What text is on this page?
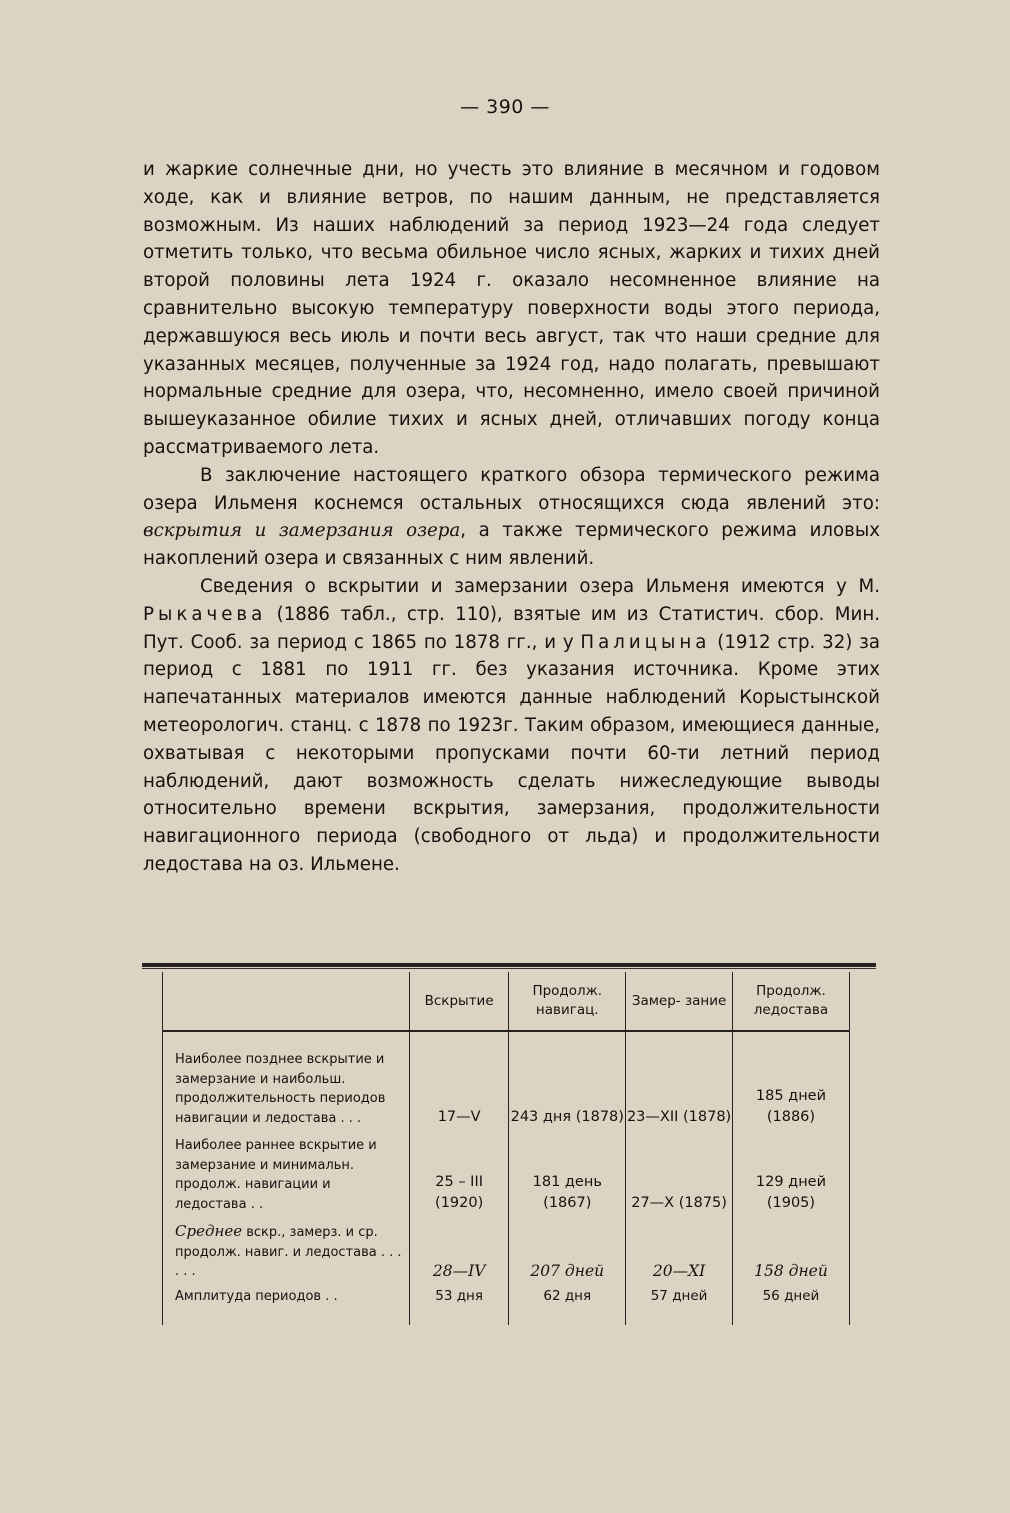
— 390 —

и жаркие солнечные дни, но учесть это влияние в месячном и годовом ходе, как и влияние ветров, по нашим данным, не представляется возможным. Из наших наблюдений за период 1923—24 года следует отметить только, что весьма обильное число ясных, жарких и тихих дней второй половины лета 1924 г. оказало несомненное влияние на сравнительно высокую температуру поверхности воды этого периода, державшуюся весь июль и почти весь август, так что наши средние для указанных месяцев, полученные за 1924 год, надо полагать, превышают нормальные средние для озера, что, несомненно, имело своей причиной вышеуказанное обилие тихих и ясных дней, отличавших погоду конца рассматриваемого лета.

В заключение настоящего краткого обзора термического режима озера Ильменя коснемся остальных относящихся сюда явлений это: вскрытия и замерзания озера, а также термического режима иловых накоплений озера и связанных с ним явлений.

Сведения о вскрытии и замерзании озера Ильменя имеются у М. Рыкачева (1886 табл., стр. 110), взятые им из Статистич. сбор. Мин. Пут. Сооб. за период с 1865 по 1878 гг., и у Палицына (1912 стр. 32) за период с 1881 по 1911 гг. без указания источника. Кроме этих напечатанных материалов имеются данные наблюдений Корыстынской метеорологич. станц. с 1878 по 1923г. Таким образом, имеющиеся данные, охватывая с некоторыми пропусками почти 60-ти летний период наблюдений, дают возможность сделать нижеследующие выводы относительно времени вскрытия, замерзания, продолжительности навигационного периода (свободного от льда) и продолжительности ледостава на оз. Ильмене.

	Вскрытие	Продолж. навигац.	Замер- зание	Продолж. ледостава
Наиболее позднее вскрытие и замерзание и наибольш. продолжительность периодов навигации и ледостава . . .	17—V	243 дня (1878)	23—XII (1878)	185 дней (1886)
Наиболее раннее вскрытие и замерзание и минимальн. продолж. навигации и ледостава . .	25 – III (1920)	181 день (1867)	27—X (1875)	129 дней (1905)
Среднее вскр., замерз. и ср. продолж. навиг. и ледостава . . . . . .	28—IV	207 дней	20—XI	158 дней
Амплитуда периодов . .	53 дня	62 дня	57 дней	56 дней
